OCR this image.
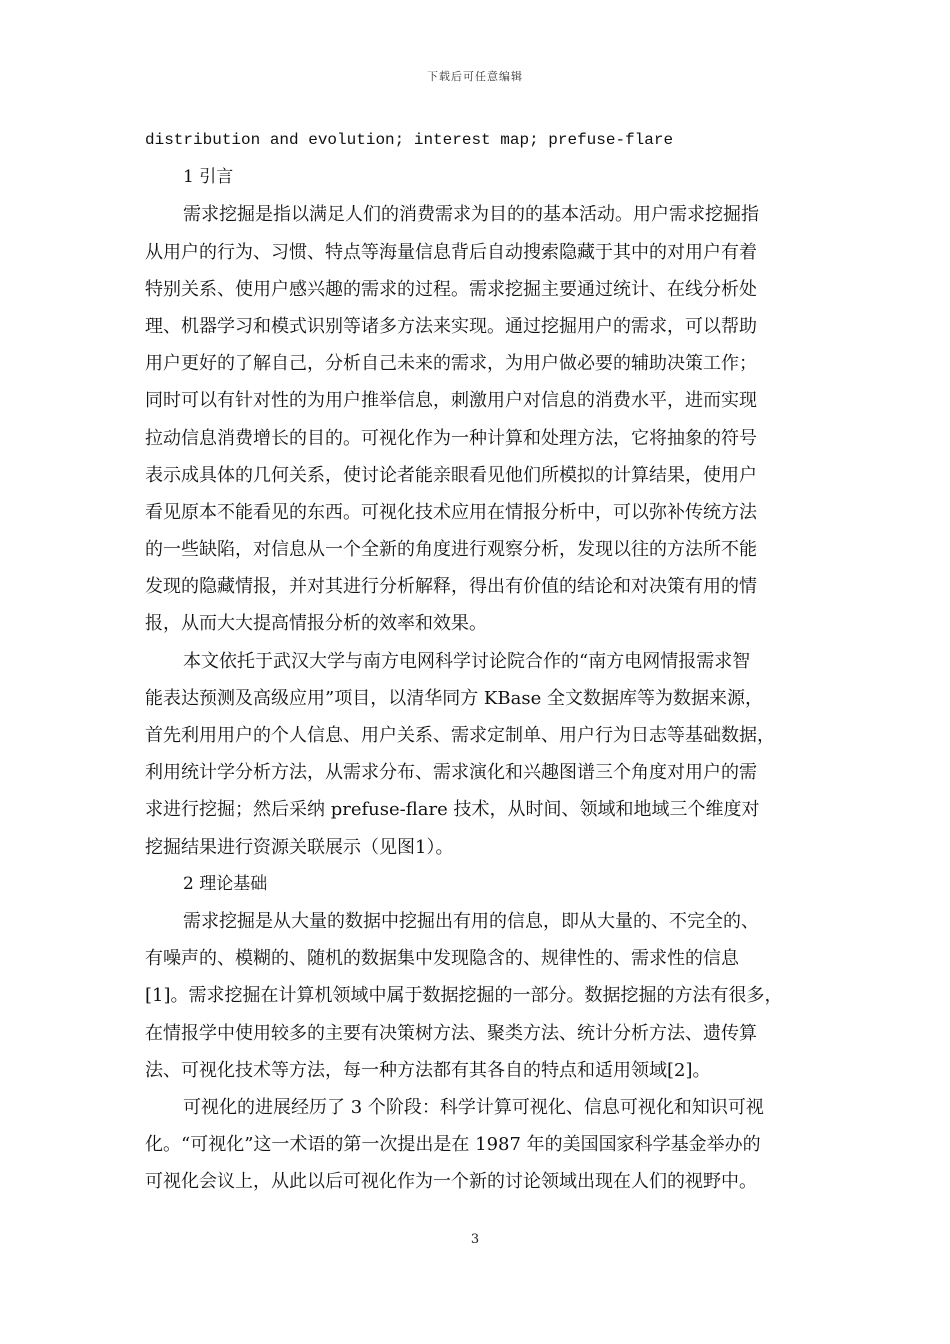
下载后可任意编辑
distribution and evolution; interest map; prefuse-flare
1 引言
需求挖掘是指以满足人们的消费需求为目的的基本活动。用户需求挖掘指
从用户的行为、习惯、特点等海量信息背后自动搜索隐藏于其中的对用户有着
特别关系、使用户感兴趣的需求的过程。需求挖掘主要通过统计、在线分析处
理、机器学习和模式识别等诸多方法来实现。通过挖掘用户的需求，可以帮助
用户更好的了解自己，分析自己未来的需求，为用户做必要的辅助决策工作；
同时可以有针对性的为用户推举信息，刺激用户对信息的消费水平，进而实现
拉动信息消费增长的目的。可视化作为一种计算和处理方法，它将抽象的符号
表示成具体的几何关系，使讨论者能亲眼看见他们所模拟的计算结果，使用户
看见原本不能看见的东西。可视化技术应用在情报分析中，可以弥补传统方法
的一些缺陷，对信息从一个全新的角度进行观察分析，发现以往的方法所不能
发现的隐藏情报，并对其进行分析解释，得出有价值的结论和对决策有用的情
报，从而大大提高情报分析的效率和效果。
本文依托于武汉大学与南方电网科学讨论院合作的“南方电网情报需求智
能表达预测及高级应用”项目，以清华同方 KBase 全文数据库等为数据来源，
首先利用用户的个人信息、用户关系、需求定制单、用户行为日志等基础数据，
利用统计学分析方法，从需求分布、需求演化和兴趣图谱三个角度对用户的需
求进行挖掘；然后采纳 prefuse-flare 技术，从时间、领域和地域三个维度对
挖掘结果进行资源关联展示（见图1）。
2 理论基础
需求挖掘是从大量的数据中挖掘出有用的信息，即从大量的、不完全的、
有噪声的、模糊的、随机的数据集中发现隐含的、规律性的、需求性的信息
[1]。需求挖掘在计算机领域中属于数据挖掘的一部分。数据挖掘的方法有很多，
在情报学中使用较多的主要有决策树方法、聚类方法、统计分析方法、遗传算
法、可视化技术等方法，每一种方法都有其各自的特点和适用领域[2]。
可视化的进展经历了 3 个阶段：科学计算可视化、信息可视化和知识可视
化。“可视化”这一术语的第一次提出是在 1987 年的美国国家科学基金举办的
可视化会议上，从此以后可视化作为一个新的讨论领域出现在人们的视野中。
3
